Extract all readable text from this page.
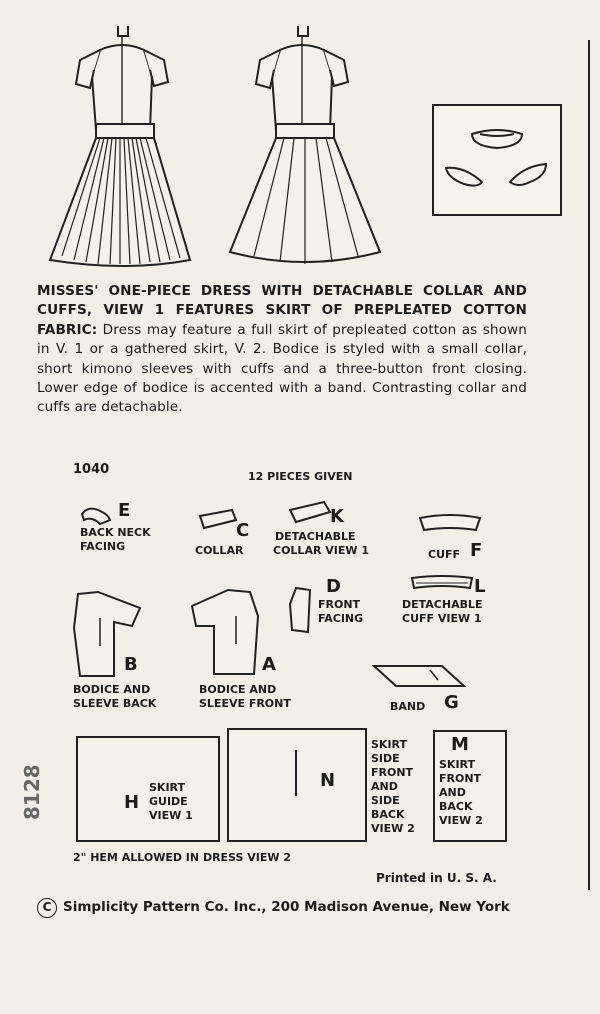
MISSES' ONE-PIECE DRESS WITH DETACHABLE COLLAR AND CUFFS, VIEW 1 FEATURES SKIRT OF PREPLEATED COTTON FABRIC: Dress may feature a full skirt of prepleated cotton as shown in V. 1 or a gathered skirt, V. 2. Bodice is styled with a small collar, short kimono sleeves with cuffs and a three-button front closing. Lower edge of bodice is accented with a band. Contrasting collar and cuffs are detachable.
1040	12 PIECES GIVEN
E
BACK NECK
FACING
C
COLLAR
K
DETACHABLE
COLLAR VIEW 1	CUFF F
D
FRONT
FACING
L
DETACHABLE
CUFF VIEW 1
B
BODICE AND
SLEEVE BACK
A
BODICE AND
SLEEVE FRONT	BAND G
H
SKIRT
GUIDE
VIEW 1
N
SKIRT
SIDE
FRONT
AND
SIDE
BACK
VIEW 2
M
SKIRT
FRONT
AND
BACK
VIEW 2
8128
2" HEM ALLOWED IN DRESS VIEW 2
Printed in U. S. A.
C Simplicity Pattern Co. Inc., 200 Madison Avenue, New York
